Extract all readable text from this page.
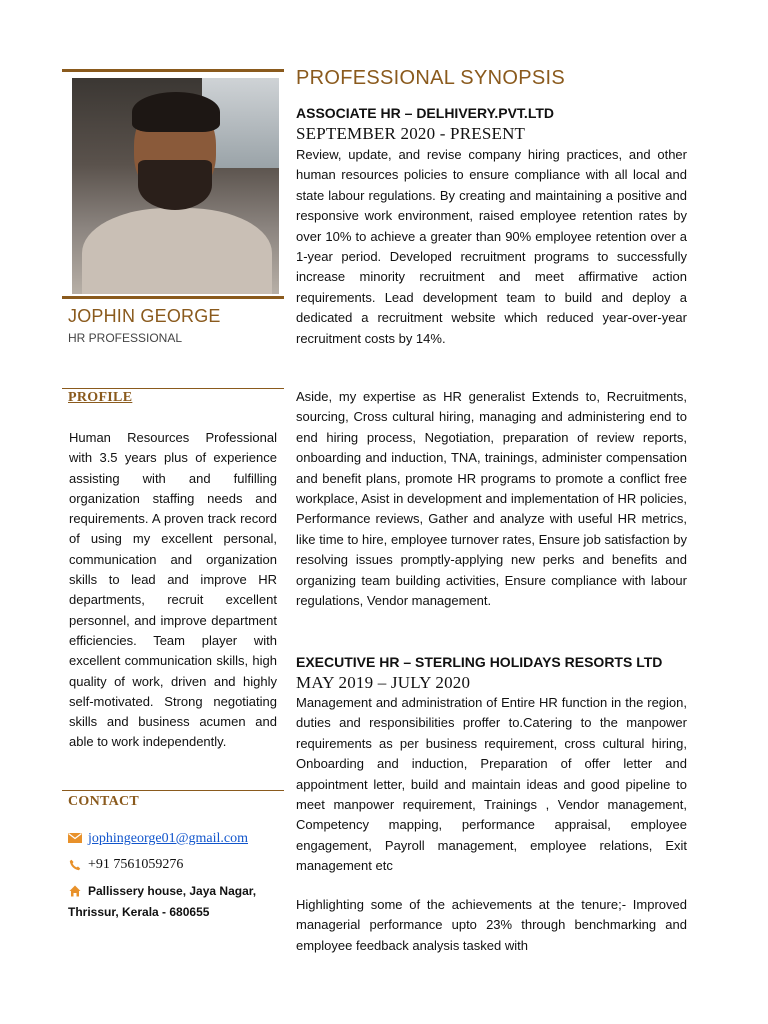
JOPHIN GEORGE
HR PROFESSIONAL
PROFILE
Human Resources Professional with 3.5 years plus of experience assisting with and fulfilling organization staffing needs and requirements. A proven track record of using my excellent personal, communication and organization skills to lead and improve HR departments, recruit excellent personnel, and improve department efficiencies. Team player with excellent communication skills, high quality of work, driven and highly self-motivated. Strong negotiating skills and business acumen and able to work independently.
CONTACT
jophingeorge01@gmail.com
+91 7561059276
Pallissery house, Jaya Nagar,
Thrissur, Kerala - 680655
PROFESSIONAL SYNOPSIS
ASSOCIATE HR – DELHIVERY.PVT.LTD
SEPTEMBER 2020 - PRESENT
Review, update, and revise company hiring practices, and other human resources policies to ensure compliance with all local and state labour regulations. By creating and maintaining a positive and responsive work environment, raised employee retention rates by over 10% to achieve a greater than 90% employee retention over a 1-year period. Developed recruitment programs to successfully increase minority recruitment and meet affirmative action requirements. Lead development team to build and deploy a dedicated a recruitment website which reduced year-over-year recruitment costs by 14%.
Aside, my expertise as HR generalist Extends to, Recruitments, sourcing, Cross cultural hiring, managing and administering end to end hiring process, Negotiation, preparation of review reports, onboarding and induction, TNA, trainings, administer compensation and benefit plans, promote HR programs to promote a conflict free workplace, Asist in development and implementation of HR policies, Performance reviews, Gather and analyze with useful HR metrics, like time to hire, employee turnover rates, Ensure job satisfaction by resolving issues promptly-applying new perks and benefits and organizing team building activities, Ensure compliance with labour regulations, Vendor management.
EXECUTIVE HR – STERLING HOLIDAYS RESORTS LTD
MAY 2019 – JULY 2020
Management and administration of Entire HR function in the region, duties and responsibilities proffer to.Catering to the manpower requirements as per business requirement, cross cultural hiring, Onboarding and induction, Preparation of offer letter and appointment letter, build and maintain ideas and good pipeline to meet manpower requirement, Trainings , Vendor management, Competency mapping, performance appraisal, employee engagement, Payroll management, employee relations, Exit management etc
Highlighting some of the achievements at the tenure;- Improved managerial performance upto 23% through benchmarking and employee feedback analysis tasked with
